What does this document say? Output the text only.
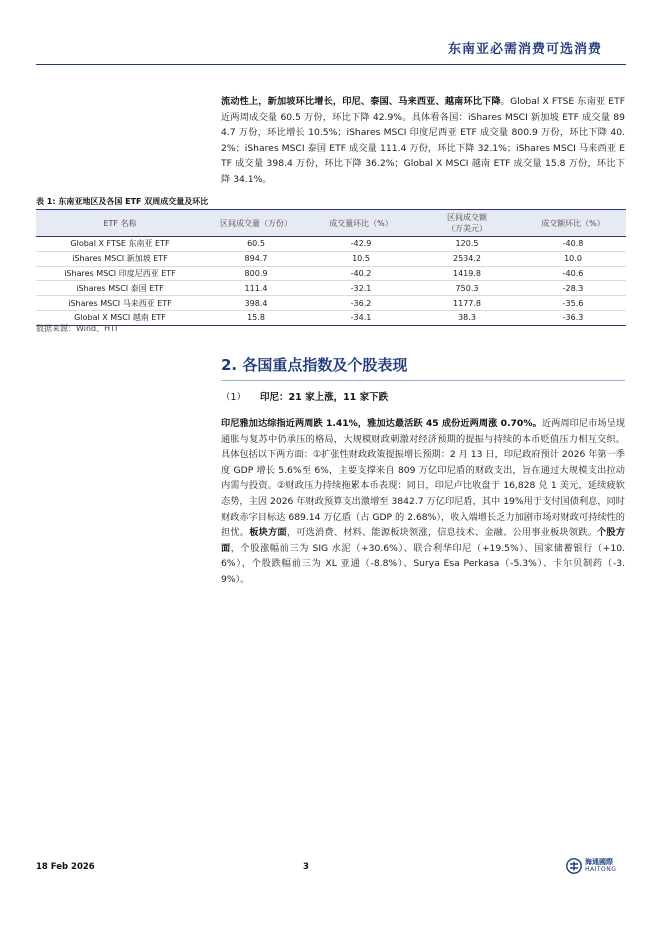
东南亚必需消费可选消费
流动性上，新加坡环比增长，印尼、泰国、马来西亚、越南环比下降。Global X FTSE 东南亚 ETF 近两周成交量 60.5 万份，环比下降 42.9%。具体看各国：iShares MSCI 新加坡 ETF 成交量 894.7 万份，环比增长 10.5%；iShares MSCI 印度尼西亚 ETF 成交量 800.9 万份，环比下降 40.2%；iShares MSCI 泰国 ETF 成交量 111.4 万份，环比下降 32.1%；iShares MSCI 马来西亚 ETF 成交量 398.4 万份，环比下降 36.2%；Global X MSCI 越南 ETF 成交量 15.8 万份，环比下降 34.1%。
表 1: 东南亚地区及各国 ETF 双周成交量及环比
ETF 名称	区间成交量（万份）	成交量环比（%）	区间成交额
（万美元）	成交额环比（%）
Global X FTSE 东南亚 ETF	60.5	-42.9	120.5	-40.8
iShares MSCI 新加坡 ETF	894.7	10.5	2534.2	10.0
iShares MSCI 印度尼西亚 ETF	800.9	-40.2	1419.8	-40.6
iShares MSCI 泰国 ETF	111.4	-32.1	750.3	-28.3
iShares MSCI 马来西亚 ETF	398.4	-36.2	1177.8	-35.6
Global X MSCI 越南 ETF	15.8	-34.1	38.3	-36.3
数据来源：Wind、HTI
2. 各国重点指数及个股表现
（1） 印尼：21 家上涨，11 家下跌
印尼雅加达综指近两周跌 1.41%，雅加达最活跃 45 成份近两周涨 0.70%。近两周印尼市场呈现通胀与复苏中仍承压的格局，大规模财政刺激对经济预期的提振与持续的本币贬值压力相互交织。具体包括以下两方面：①扩张性财政政策提振增长预期：2 月 13 日，印尼政府预计 2026 年第一季度 GDP 增长 5.6%至 6%，主要支撑来自 809 万亿印尼盾的财政支出，旨在通过大规模支出拉动内需与投资。②财政压力持续拖累本币表现：同日，印尼卢比收盘于 16,828 兑 1 美元，延续疲软态势，主因 2026 年财政预算支出激增至 3842.7 万亿印尼盾，其中 19%用于支付国债利息，同时财政赤字目标达 689.14 万亿盾（占 GDP 的 2.68%），收入端增长乏力加剧市场对财政可持续性的担忧。板块方面，可选消费、材料、能源板块领涨，信息技术、金融、公用事业板块领跌。个股方面，个股涨幅前三为 SIG 水泥（+30.6%）、联合利华印尼（+19.5%）、国家储蓄银行（+10.6%），个股跌幅前三为 XL 亚通（-8.8%）、Surya Esa Perkasa（-5.3%）、卡尔贝制药（-3.9%）。
18 Feb 2026	3	海通國際
HAITONG
